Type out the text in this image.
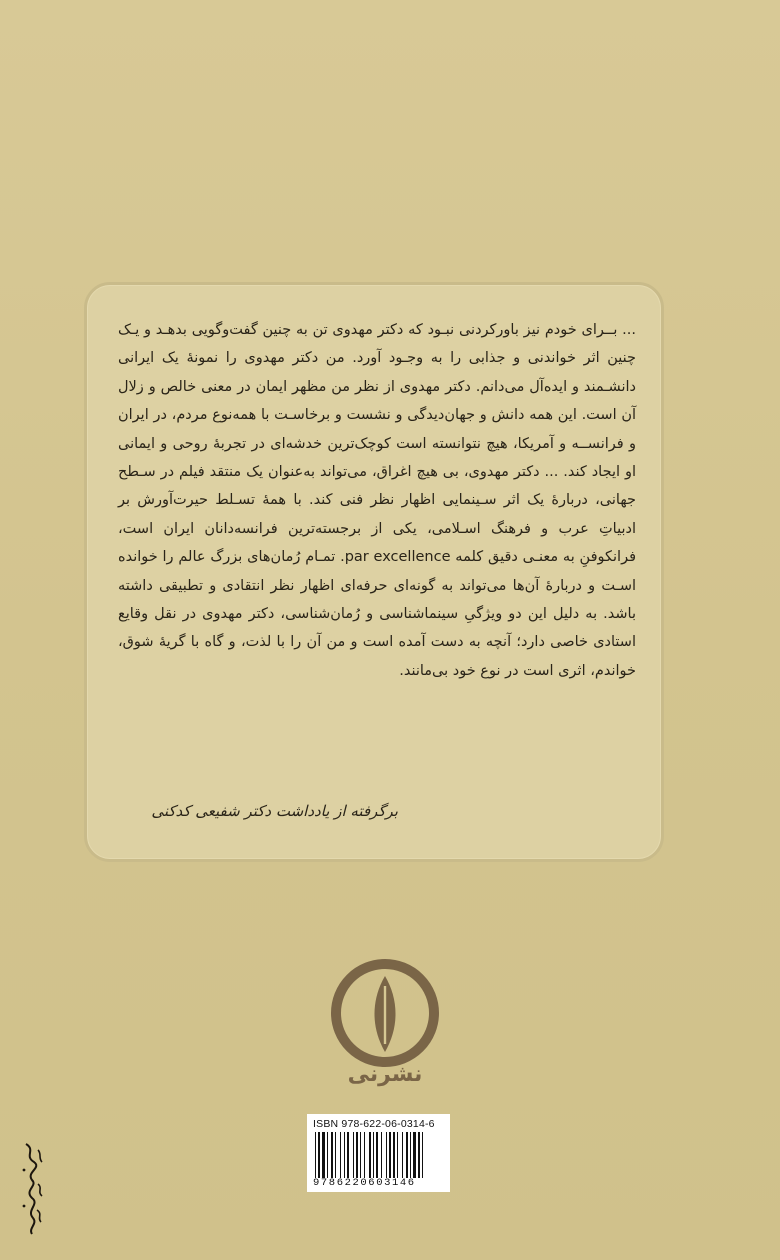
... بــرای خودم نیز باورکردنی نبـود که دکتر مهدوی تن به چنین گفت‌وگویی بدهـد و یـک چنین اثر خواندنی و جذابی را به وجـود آورد. من دکتر مهدوی را نمونهٔ یک ایرانی دانشـمند و ایده‌آل می‌دانم. دکتر مهدوی از نظر من مظهر ایمان در معنی خالص و زلال آن است. این همه دانش و جهان‌دیدگی و نشست و برخاسـت با همه‌نوع مردم، در ایران و فرانســه و آمریکا، هیچ نتوانسته است کوچک‌ترین خدشه‌ای در تجربهٔ روحی و ایمانی او ایجاد کند. ... دکتر مهدوی، بی هیچ اغراق، می‌تواند به‌عنوان یک منتقد فیلم در سـطح جهانی، دربارهٔ یک اثر سـینمایی اظهار نظر فنی کند. با همهٔ تسـلط حیرت‌آورش بر ادبیاتِ عرب و فرهنگ اسـلامی، یکی از برجسته‌ترین فرانسه‌دانان ایران است، فرانکوفنِ به معنـی دقیق کلمه par excellence. تمـام رُمان‌های بزرگ عالم را خوانده اسـت و دربارهٔ آن‌ها می‌تواند به گونه‌ای حرفه‌ای اظهار نظر انتقادی و تطبیقی داشته باشد. به دلیل این دو ویژگیِ سینماشناسی و رُمان‌شناسی، دکتر مهدوی در نقل وقایع استادی خاصی دارد؛ آنچه به دست آمده است و من آن را با لذت، و گاه با گریهٔ شوق، خواندم، اثری است در نوع خود بی‌مانند.

برگرفته از یادداشت دکتر شفیعی کدکنی
نشرنی
ISBN 978-622-06-0314-6
9786220603146
